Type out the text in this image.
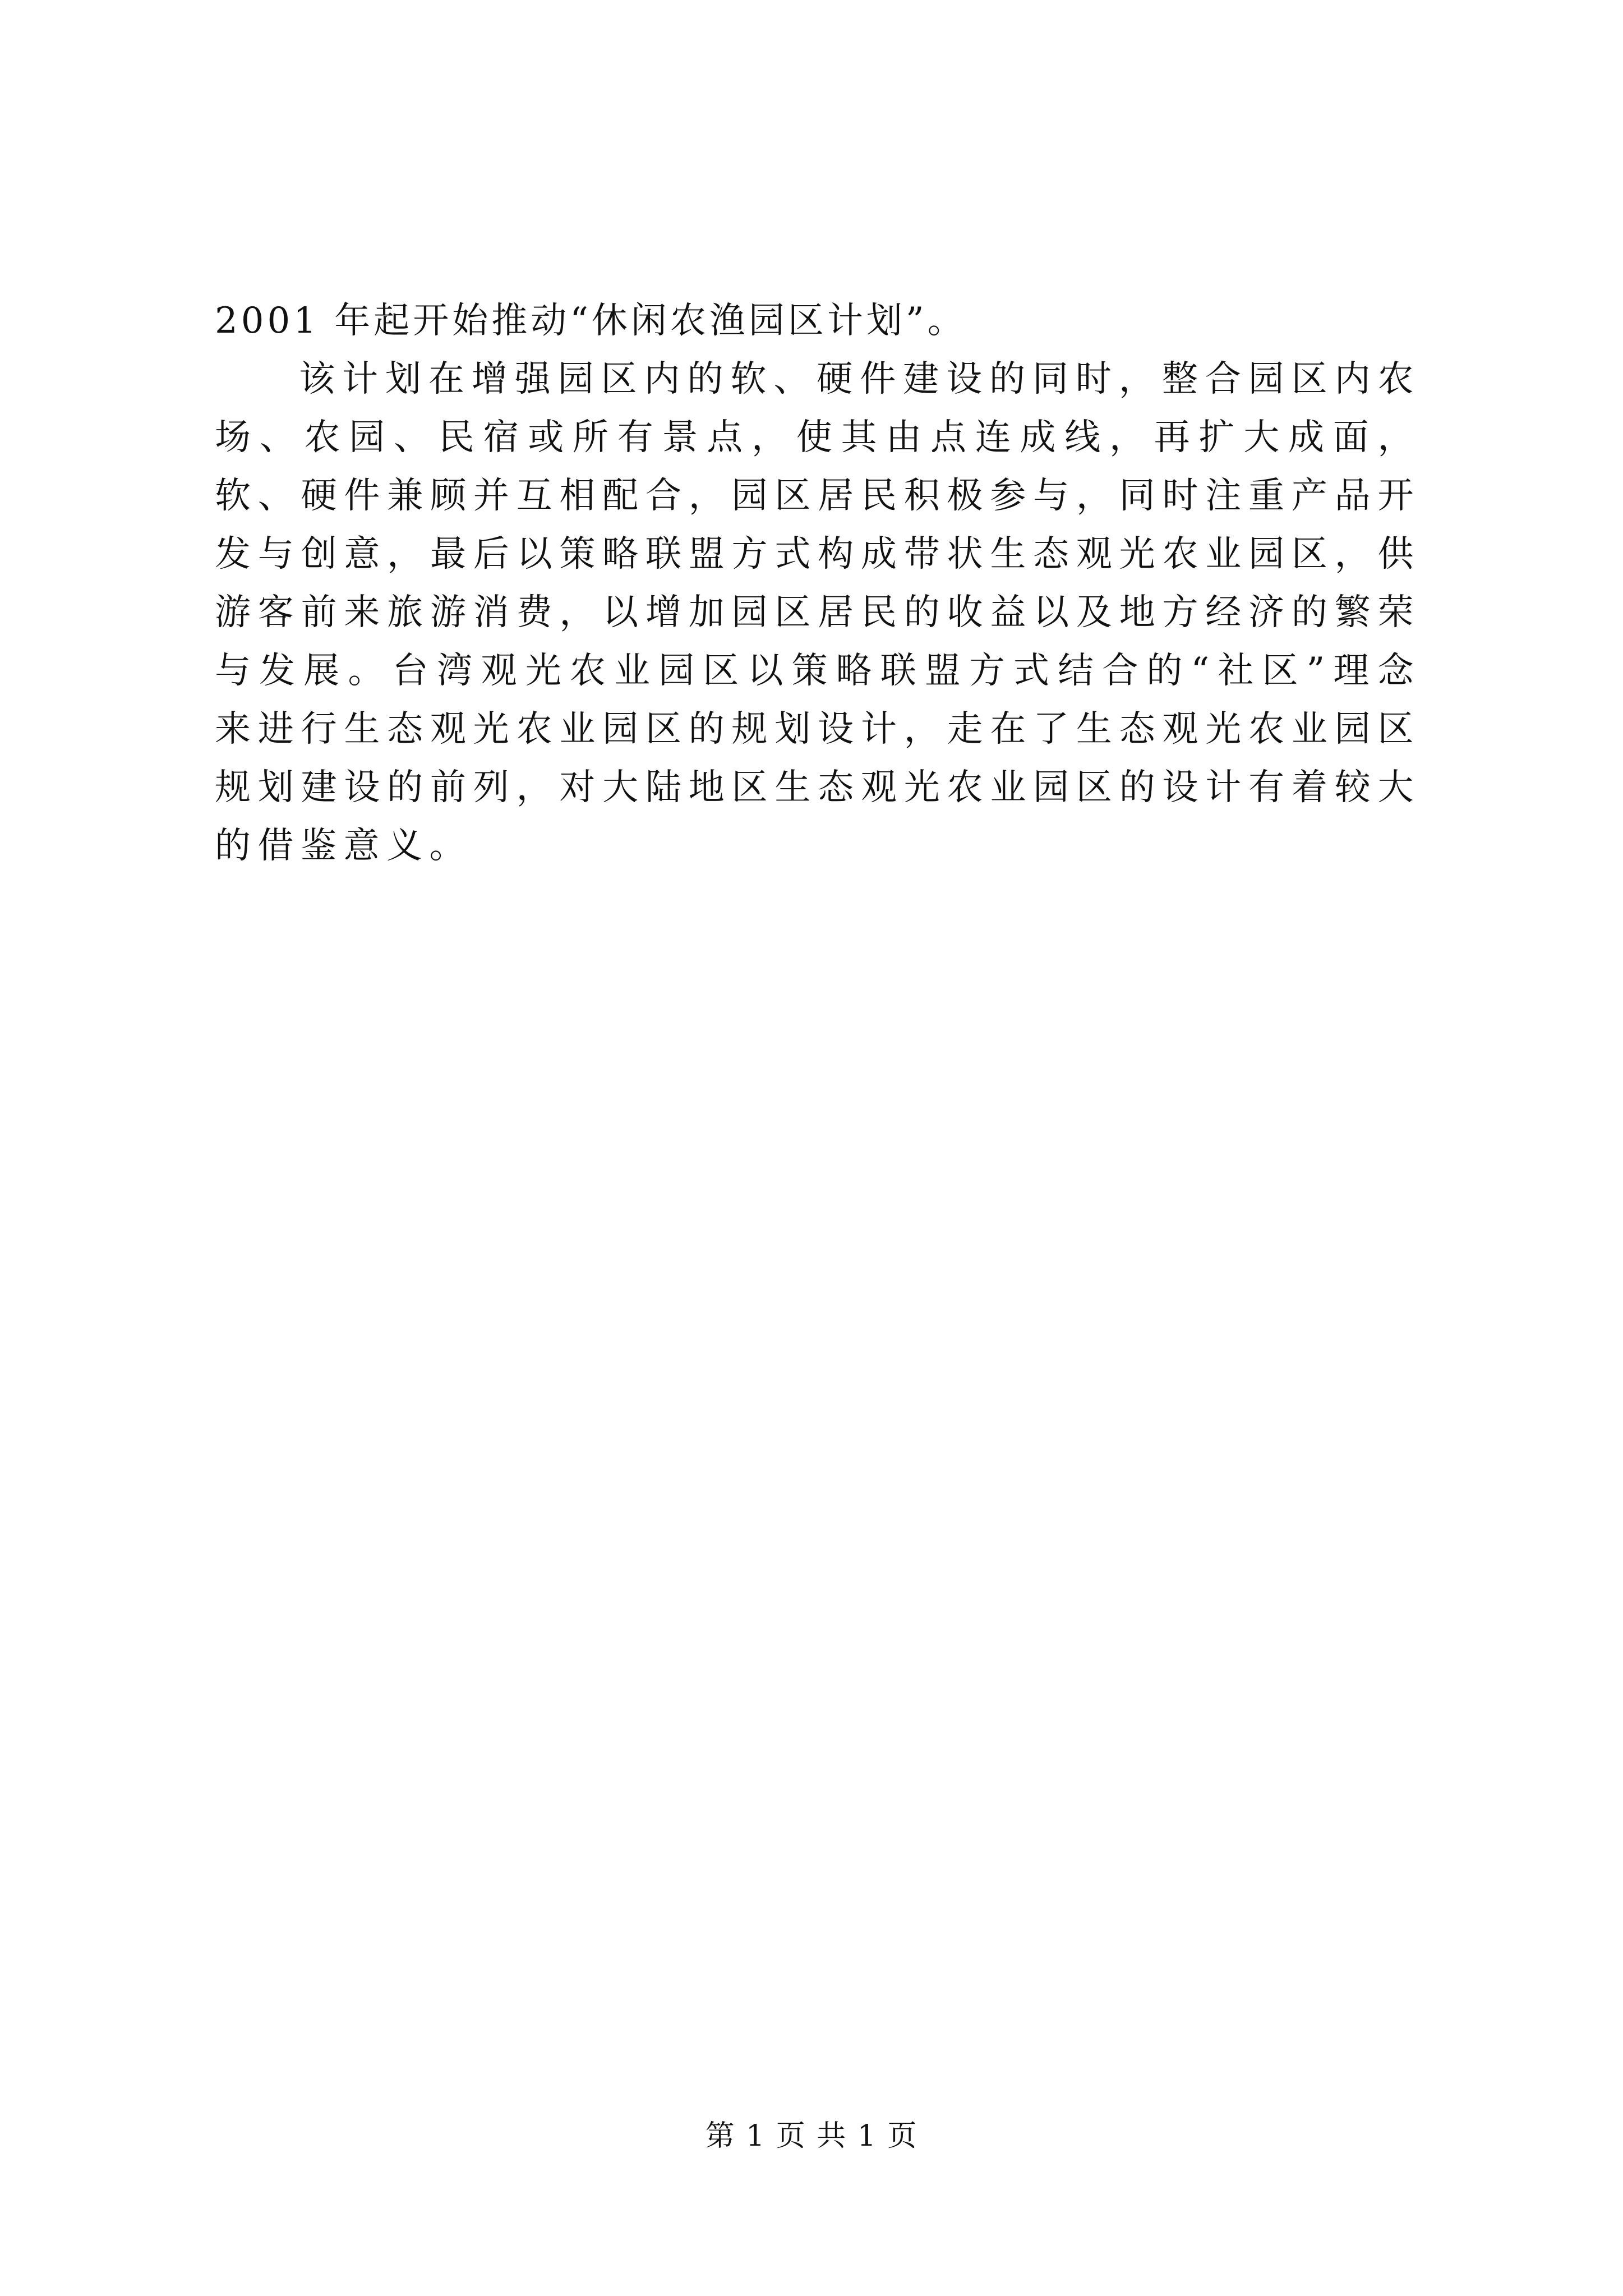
2001 年起开始推动“休闲农渔园区计划”。

该计划在增强园区内的软、硬件建设的同时，整合园区内农场、农园、民宿或所有景点，使其由点连成线，再扩大成面，软、硬件兼顾并互相配合，园区居民积极参与，同时注重产品开发与创意，最后以策略联盟方式构成带状生态观光农业园区，供游客前来旅游消费，以增加园区居民的收益以及地方经济的繁荣与发展。台湾观光农业园区以策略联盟方式结合的“社区”理念来进行生态观光农业园区的规划设计，走在了生态观光农业园区规划建设的前列，对大陆地区生态观光农业园区的设计有着较大的借鉴意义。

第 1 页 共 1 页
